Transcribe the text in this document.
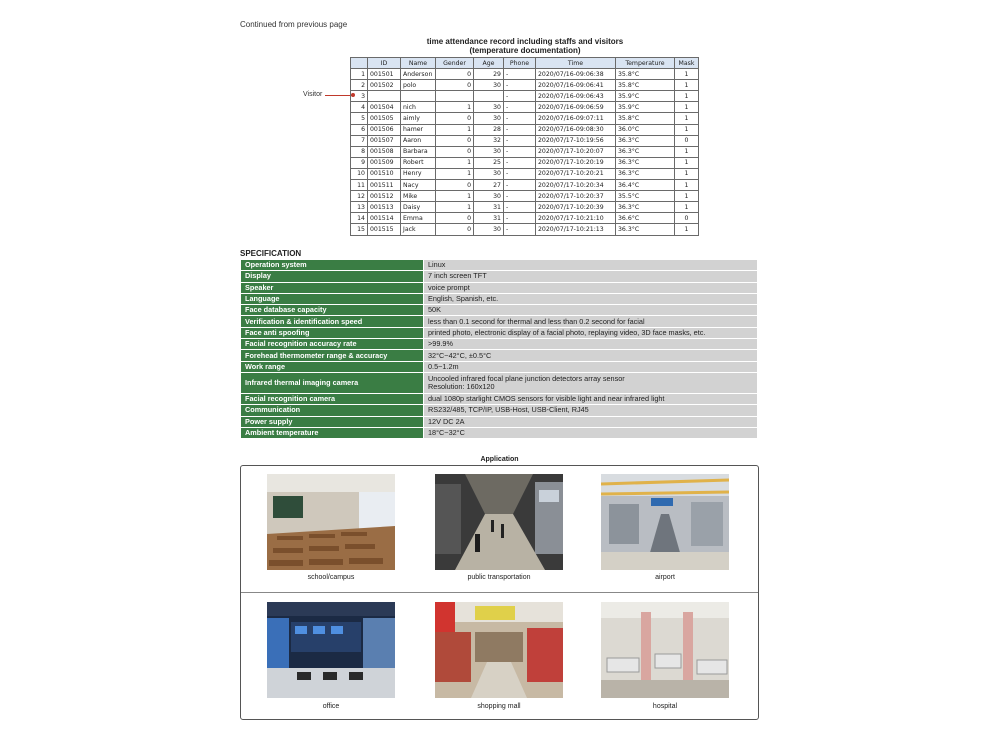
Continued from previous page
time attendance record including staffs and visitors
(temperature documentation)
Visitor
	ID	Name	Gender	Age	Phone	Time	Temperature	Mask
1	001501	Anderson	0	29	-	2020/07/16-09:06:38	35.8°C	1
2	001502	polo	0	30	-	2020/07/16-09:06:41	35.8°C	1
3					-	2020/07/16-09:06:43	35.9°C	1
4	001504	nich	1	30	-	2020/07/16-09:06:59	35.9°C	1
5	001505	aimly	0	30	-	2020/07/16-09:07:11	35.8°C	1
6	001506	hamer	1	28	-	2020/07/16-09:08:30	36.0°C	1
7	001507	Aaron	0	32	-	2020/07/17-10:19:56	36.3°C	0
8	001508	Barbara	0	30	-	2020/07/17-10:20:07	36.3°C	1
9	001509	Robert	1	25	-	2020/07/17-10:20:19	36.3°C	1
10	001510	Henry	1	30	-	2020/07/17-10:20:21	36.3°C	1
11	001511	Nacy	0	27	-	2020/07/17-10:20:34	36.4°C	1
12	001512	Mike	1	30	-	2020/07/17-10:20:37	35.5°C	1
13	001513	Daisy	1	31	-	2020/07/17-10:20:39	36.3°C	1
14	001514	Emma	0	31	-	2020/07/17-10:21:10	36.6°C	0
15	001515	Jack	0	30	-	2020/07/17-10:21:13	36.3°C	1
SPECIFICATION
Operation system	Linux
Display	7 inch screen TFT
Speaker	voice prompt
Language	English, Spanish, etc.
Face database capacity	50K
Verification & identification speed	less than 0.1 second for thermal and less than 0.2 second for facial
Face anti spoofing	printed photo, electronic display of a facial photo, replaying video, 3D face masks, etc.
Facial recognition accuracy rate	>99.9%
Forehead thermometer range & accuracy	32°C~42°C, ±0.5°C
Work range	0.5~1.2m
Infrared thermal imaging camera	Uncooled infrared focal plane junction detectors array sensor
Resolution: 160x120

Facial recognition camera	dual 1080p starlight CMOS sensors for visible light and near infrared light
Communication	RS232/485, TCP/IP, USB-Host, USB-Client, RJ45
Power supply	12V DC 2A
Ambient temperature	18°C~32°C
Application
school/campus	public transportation	airport
office	shopping mall	hospital
